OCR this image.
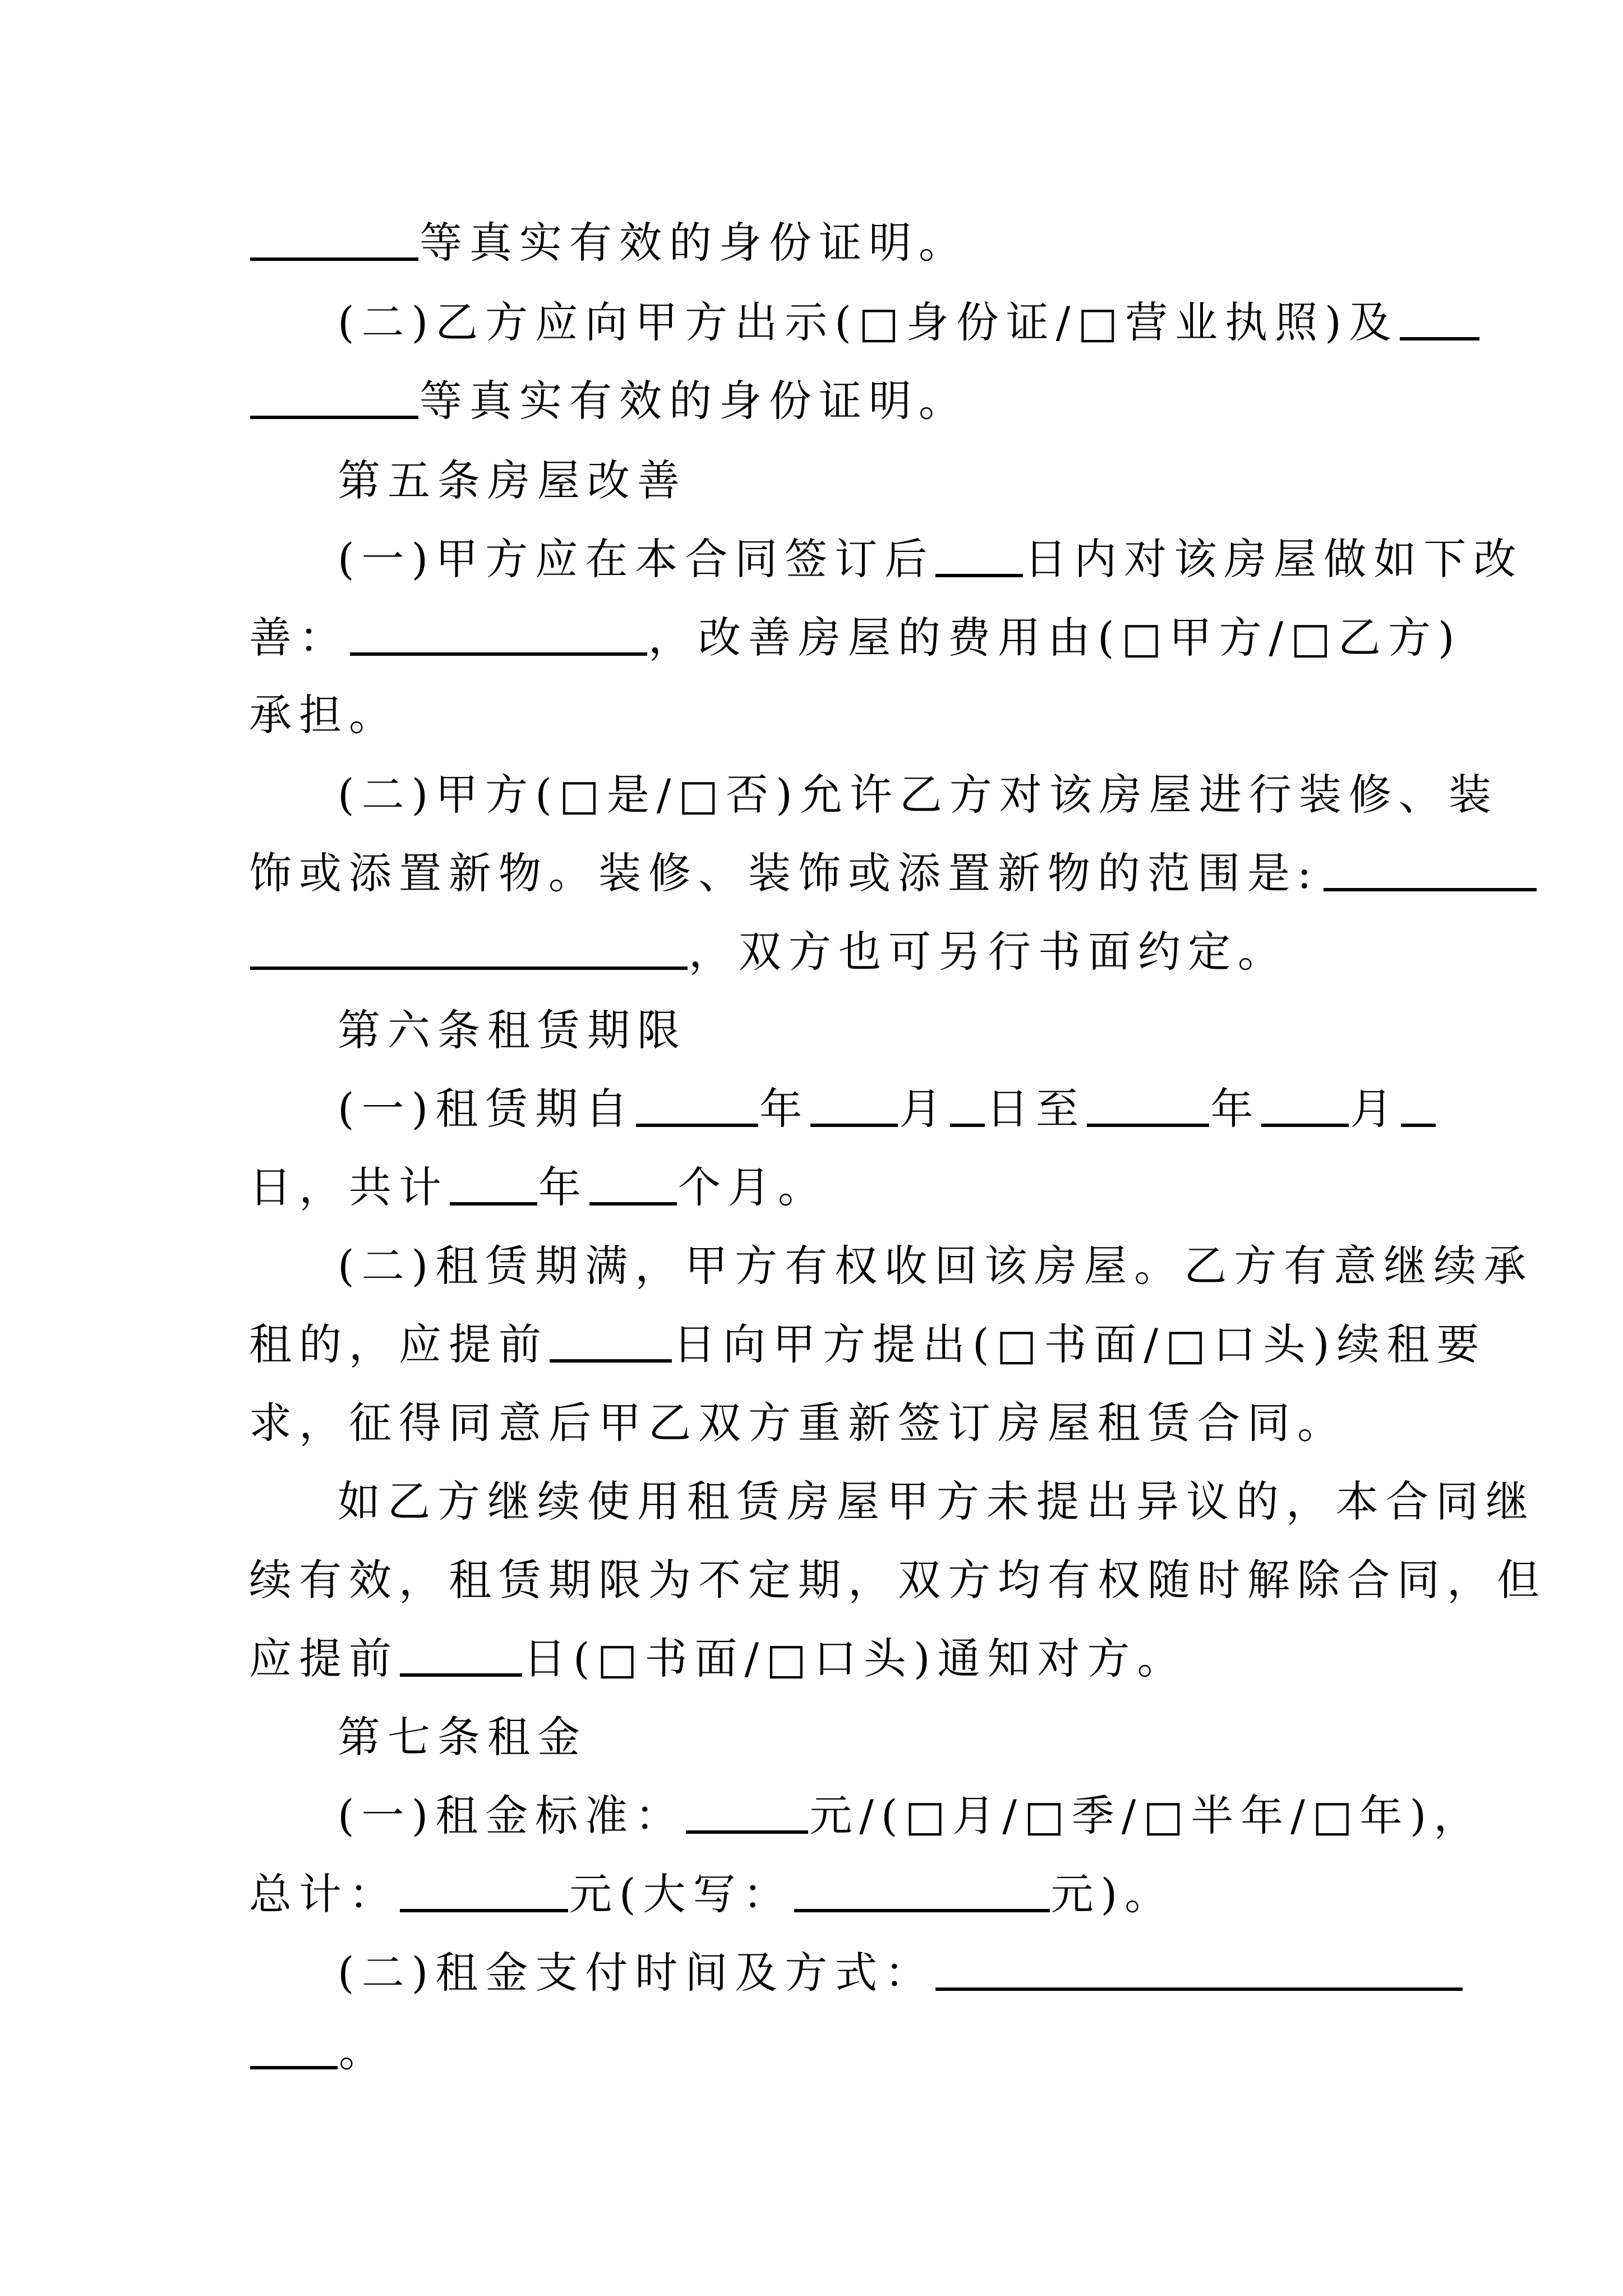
等真实有效的身份证明。
(二)乙方应向甲方出示(□身份证/□营业执照)及
等真实有效的身份证明。
第五条房屋改善
(一)甲方应在本合同签订后 日内对该房屋做如下改
善：	，改善房屋的费用由(□甲方/□乙方)
承担。
(二)甲方(□是/□否)允许乙方对该房屋进行装修、装
饰或添置新物。装修、装饰或添置新物的范围是:
，双方也可另行书面约定。
第六条租赁期限
(一)租赁期自	年 月 日至	年 月
日，共计 年 个月。
(二)租赁期满，甲方有权收回该房屋。乙方有意继续承
租的，应提前	日向甲方提出(□书面/□口头)续租要
求，征得同意后甲乙双方重新签订房屋租赁合同。
如乙方继续使用租赁房屋甲方未提出异议的，本合同继
续有效，租赁期限为不定期，双方均有权随时解除合同，但
应提前	日(□书面/□口头)通知对方。
第七条租金
(一)租金标准：	元/(□月/□季/□半年/□年)，
总计：	元(大写：	元)。
(二)租金支付时间及方式：
。
